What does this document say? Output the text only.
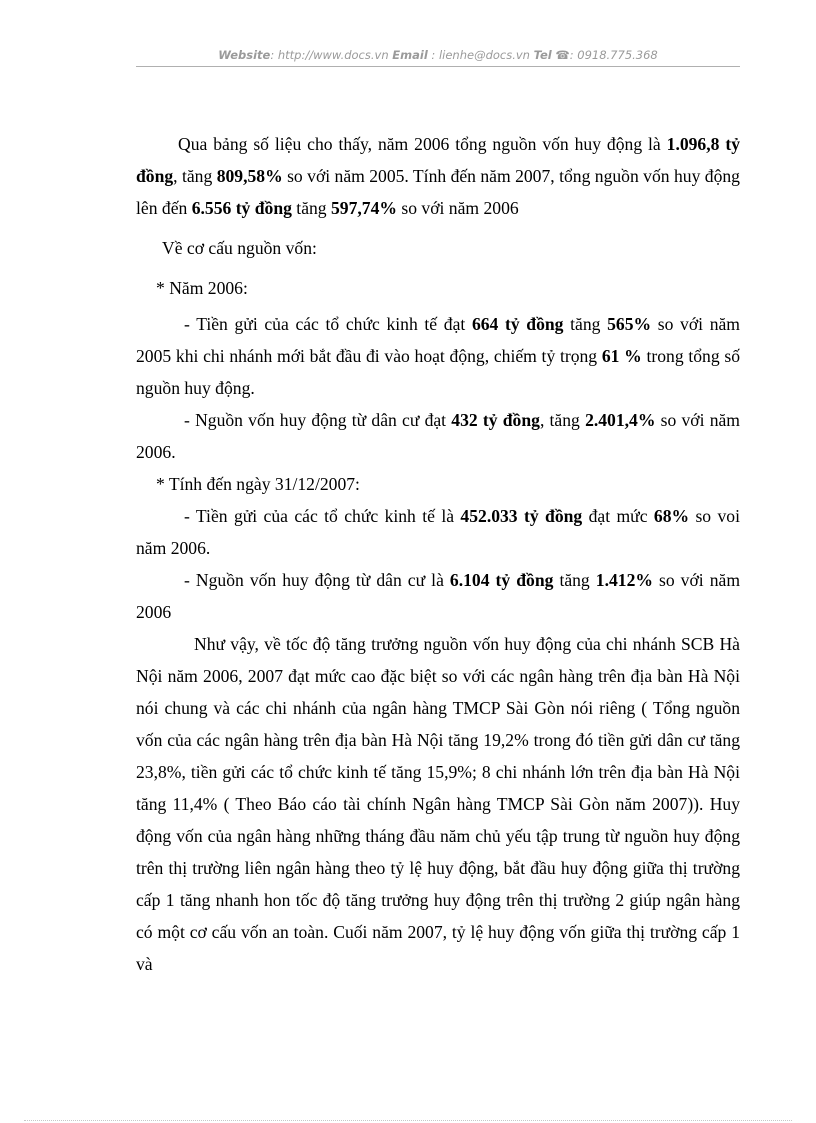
Website: http://www.docs.vn Email : lienhe@docs.vn Tel ☎: 0918.775.368

Qua bảng số liệu cho thấy, năm 2006 tổng nguồn vốn huy động là 1.096,8 tỷ đồng, tăng 809,58% so với năm 2005. Tính đến năm 2007, tổng nguồn vốn huy động lên đến 6.556 tỷ đồng tăng 597,74% so với năm 2006

Về cơ cấu nguồn vốn:

* Năm 2006:

- Tiền gửi của các tổ chức kinh tế đạt 664 tỷ đồng tăng 565% so với năm 2005 khi chi nhánh mới bắt đầu đi vào hoạt động, chiếm tỷ trọng 61 % trong tổng số nguồn huy động.

- Nguồn vốn huy động từ dân cư đạt 432 tỷ đồng, tăng 2.401,4% so với năm 2006.

* Tính đến ngày 31/12/2007:

- Tiền gửi của các tổ chức kinh tế là 452.033 tỷ đồng đạt mức 68% so voi năm 2006.

- Nguồn vốn huy động từ dân cư là 6.104 tỷ đồng tăng 1.412% so với năm 2006

Như vậy, về tốc độ tăng trưởng nguồn vốn huy động của chi nhánh SCB Hà Nội năm 2006, 2007 đạt mức cao đặc biệt so với các ngân hàng trên địa bàn Hà Nội nói chung và các chi nhánh của ngân hàng TMCP Sài Gòn nói riêng ( Tổng nguồn vốn của các ngân hàng trên địa bàn Hà Nội tăng 19,2% trong đó tiền gửi dân cư tăng 23,8%, tiền gửi các tổ chức kinh tế tăng 15,9%; 8 chi nhánh lớn trên địa bàn Hà Nội tăng 11,4% ( Theo Báo cáo tài chính Ngân hàng TMCP Sài Gòn năm 2007)). Huy động vốn của ngân hàng những tháng đầu năm chủ yếu tập trung từ nguồn huy động trên thị trường liên ngân hàng theo tỷ lệ huy động, bắt đầu huy động giữa thị trường cấp 1 tăng nhanh hon tốc độ tăng trưởng huy động trên thị trường 2 giúp ngân hàng có một cơ cấu vốn an toàn. Cuối năm 2007, tỷ lệ huy động vốn giữa thị trường cấp 1 và
